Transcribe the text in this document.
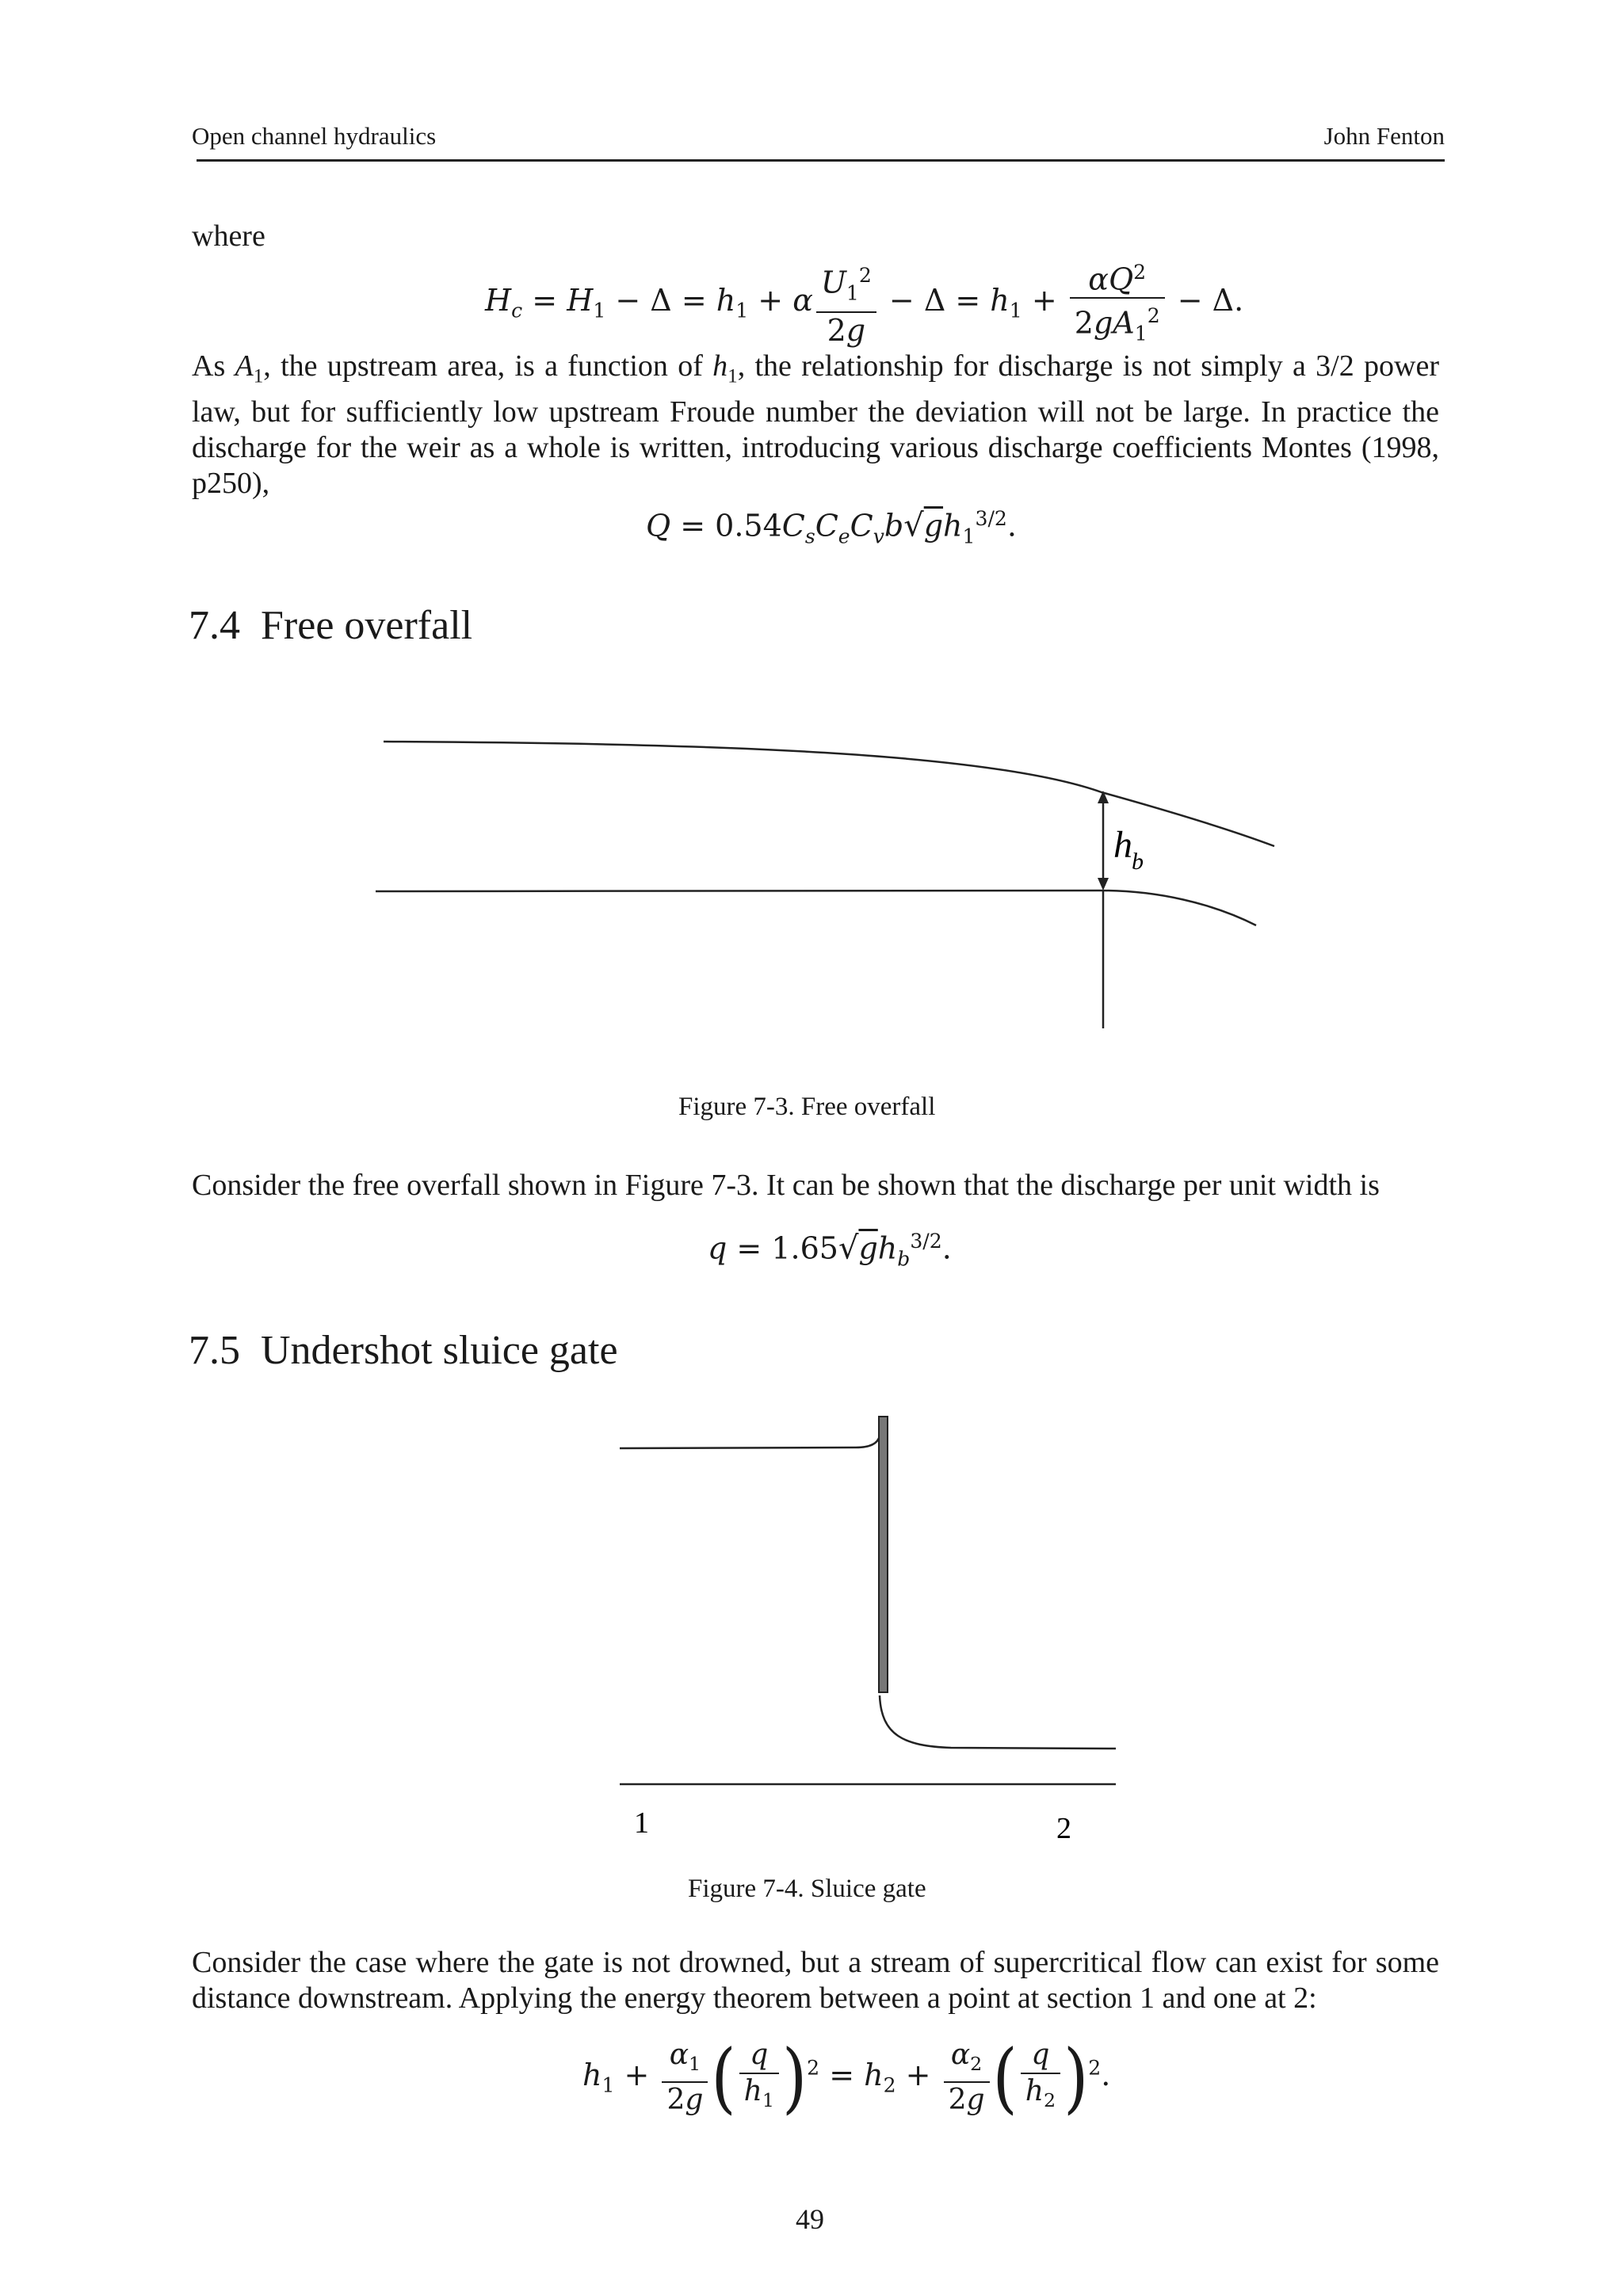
Open channel hydraulics	John Fenton
where
$H_c = H_1 - \Delta = h_1 + \alpha \frac{U_1^2}{2g} - \Delta = h_1 + \frac{\alpha Q^2}{2gA_1^2} - \Delta$.
As $A_1$, the upstream area, is a function of $h_1$, the relationship for discharge is not simply a 3/2 power law, but for sufficiently low upstream Froude number the deviation will not be large. In practice the discharge for the weir as a whole is written, introducing various discharge coefficients Montes (1998, p250),
$Q = 0.54C_sC_eC_vb√gh_1^{3/2}$.
7.4 Free overfall
h b
1	2
Figure 7-3. Free overfall
Consider the free overfall shown in Figure 7-3. It can be shown that the discharge per unit width is
$q = 1.65√gh_b^{3/2}$.
7.5 Undershot sluice gate
Figure 7-4. Sluice gate
Consider the case where the gate is not drowned, but a stream of supercritical flow can exist for some distance downstream. Applying the energy theorem between a point at section 1 and one at 2:
$h_1 + \frac{\alpha_1}{2g}$ ( $\frac{q}{h_1} )^2 = h_2 + \frac{\alpha_2}{2g}$ ( $\frac{q}{h_2} )^2$.
49
